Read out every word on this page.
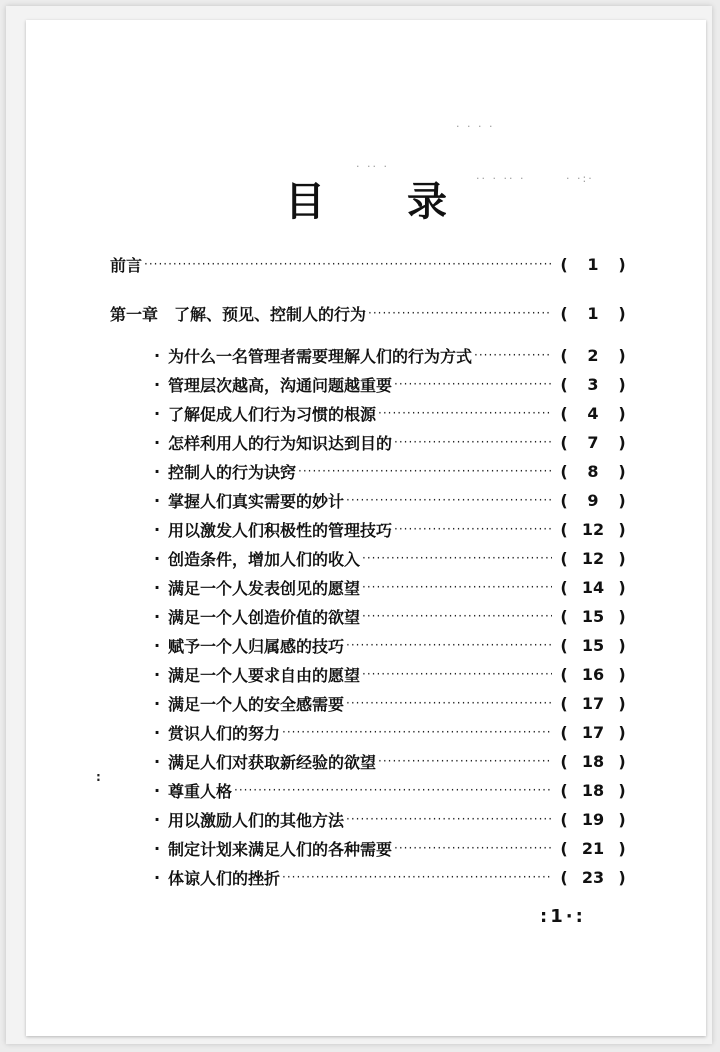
· ·· ·
·· · ·· ·	· ·:·
· · · ·
目 录
前言 ·····	(	1	)
第一章　了解、预见、控制人的行为 ·····	(	1	)
· 为什么一名管理者需要理解人们的行为方式 ·····	(	2	)
· 管理层次越高，沟通问题越重要 ·····	(	3	)
· 了解促成人们行为习惯的根源 ·····	(	4	)
· 怎样利用人的行为知识达到目的 ·····	(	7	)
· 控制人的行为诀窍 ·····	(	8	)
· 掌握人们真实需要的妙计 ·····	(	9	)
· 用以激发人们积极性的管理技巧 ·····	( 12 )
· 创造条件，增加人们的收入 ·····	( 12 )
· 满足一个人发表创见的愿望 ·····	( 14 )
· 满足一个人创造价值的欲望 ·····	( 15 )
· 赋予一个人归属感的技巧 ·····	( 15 )
· 满足一个人要求自由的愿望 ·····	( 16 )
· 满足一个人的安全感需要 ·····	( 17 )
· 赏识人们的努力 ·····	( 17 )
· 满足人们对获取新经验的欲望 ·····	( 18 )
· 尊重人格 ·····	( 18 )
· 用以激励人们的其他方法 ·····	( 19 )
· 制定计划来满足人们的各种需要 ·····	( 21 )
· 体谅人们的挫折 ·····	( 23 )
:1·:
:
